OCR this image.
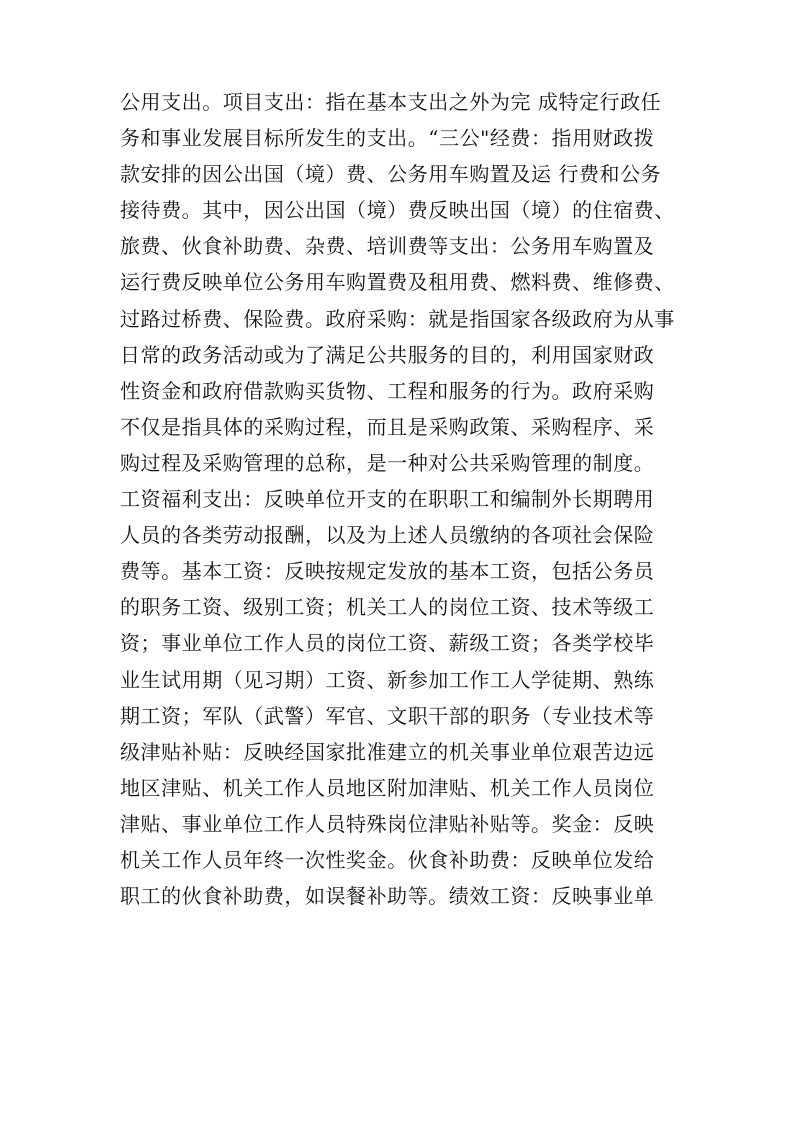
公用支出。项目支出：指在基本支出之外为完 成特定行政任
务和事业发展目标所发生的支出。“三公"经费：指用财政拨
款安排的因公出国（境）费、公务用车购置及运 行费和公务
接待费。其中，因公出国（境）费反映出国（境）的住宿费、
旅费、伙食补助费、杂费、培训费等支出：公务用车购置及
运行费反映单位公务用车购置费及租用费、燃料费、维修费、
过路过桥费、保险费。政府采购：就是指国家各级政府为从事
日常的政务活动或为了满足公共服务的目的，利用国家财政
性资金和政府借款购买货物、工程和服务的行为。政府采购
不仅是指具体的采购过程，而且是采购政策、采购程序、采
购过程及采购管理的总称，是一种对公共采购管理的制度。
工资福利支出：反映单位开支的在职职工和编制外长期聘用
人员的各类劳动报酬，以及为上述人员缴纳的各项社会保险
费等。基本工资：反映按规定发放的基本工资，包括公务员
的职务工资、级别工资；机关工人的岗位工资、技术等级工
资；事业单位工作人员的岗位工资、薪级工资；各类学校毕
业生试用期（见习期）工资、新参加工作工人学徒期、熟练
期工资；军队（武警）军官、文职干部的职务（专业技术等
级津贴补贴：反映经国家批准建立的机关事业单位艰苦边远
地区津贴、机关工作人员地区附加津贴、机关工作人员岗位
津贴、事业单位工作人员特殊岗位津贴补贴等。奖金：反映
机关工作人员年终一次性奖金。伙食补助费：反映单位发给
职工的伙食补助费，如误餐补助等。绩效工资：反映事业单
